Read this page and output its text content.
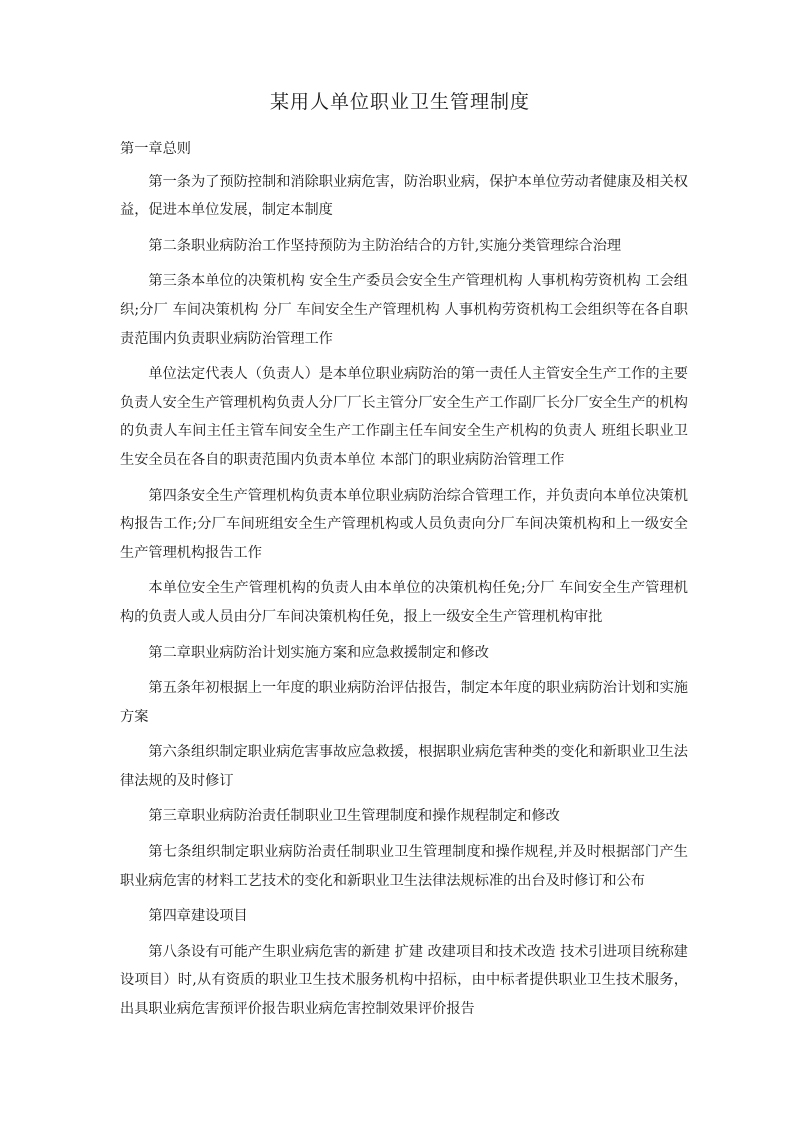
某用人单位职业卫生管理制度

第一章总则

第一条为了预防控制和消除职业病危害，防治职业病，保护本单位劳动者健康及相关权益，促进本单位发展，制定本制度

第二条职业病防治工作坚持预防为主防治结合的方针,实施分类管理综合治理

第三条本单位的决策机构 安全生产委员会安全生产管理机构 人事机构劳资机构 工会组织;分厂 车间决策机构 分厂 车间安全生产管理机构 人事机构劳资机构工会组织等在各自职责范围内负责职业病防治管理工作

单位法定代表人（负责人）是本单位职业病防治的第一责任人主管安全生产工作的主要负责人安全生产管理机构负责人分厂厂长主管分厂安全生产工作副厂长分厂安全生产的机构的负责人车间主任主管车间安全生产工作副主任车间安全生产机构的负责人 班组长职业卫生安全员在各自的职责范围内负责本单位 本部门的职业病防治管理工作

第四条安全生产管理机构负责本单位职业病防治综合管理工作，并负责向本单位决策机构报告工作;分厂车间班组安全生产管理机构或人员负责向分厂车间决策机构和上一级安全生产管理机构报告工作

本单位安全生产管理机构的负责人由本单位的决策机构任免;分厂 车间安全生产管理机构的负责人或人员由分厂车间决策机构任免，报上一级安全生产管理机构审批

第二章职业病防治计划实施方案和应急救援制定和修改

第五条年初根据上一年度的职业病防治评估报告，制定本年度的职业病防治计划和实施方案

第六条组织制定职业病危害事故应急救援，根据职业病危害种类的变化和新职业卫生法律法规的及时修订

第三章职业病防治责任制职业卫生管理制度和操作规程制定和修改

第七条组织制定职业病防治责任制职业卫生管理制度和操作规程,并及时根据部门产生职业病危害的材料工艺技术的变化和新职业卫生法律法规标准的出台及时修订和公布

第四章建设项目

第八条设有可能产生职业病危害的新建 扩建 改建项目和技术改造 技术引进项目统称建设项目）时,从有资质的职业卫生技术服务机构中招标，由中标者提供职业卫生技术服务，出具职业病危害预评价报告职业病危害控制效果评价报告
